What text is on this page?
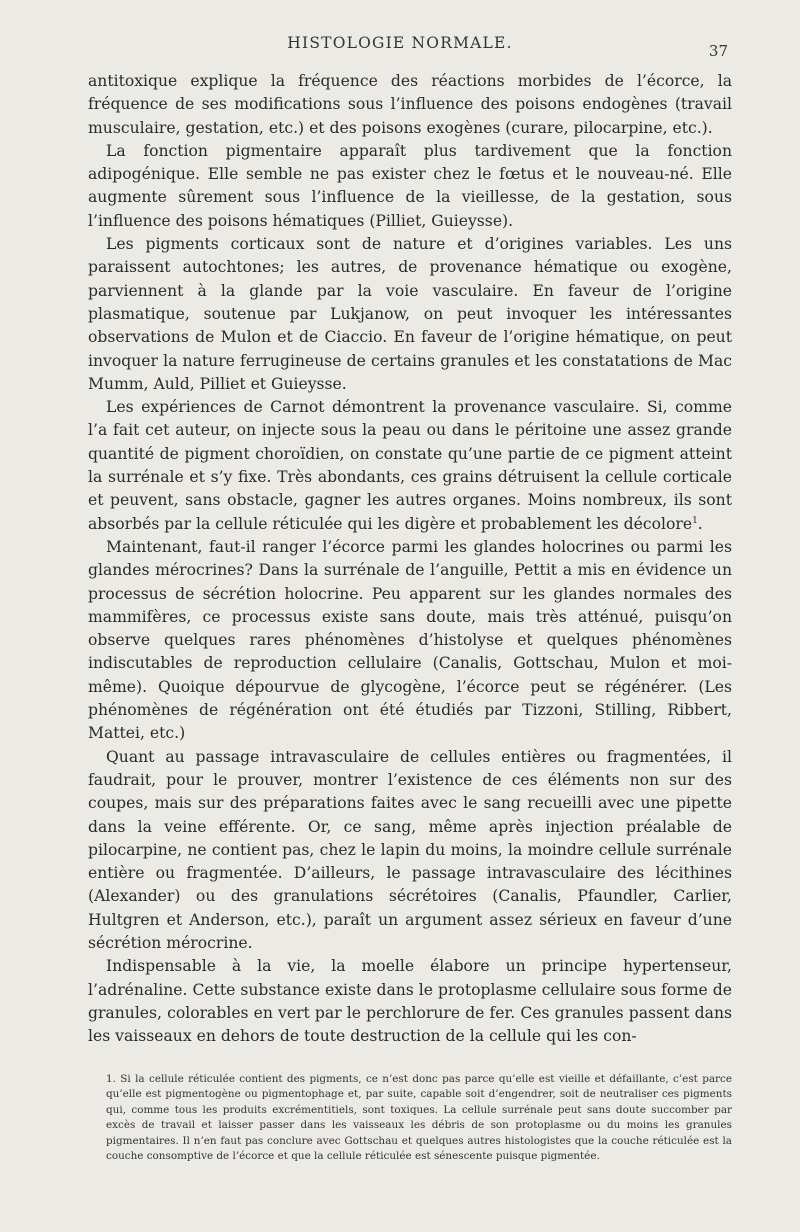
HISTOLOGIE NORMALE.	37

antitoxique explique la fréquence des réactions morbides de l’écorce, la fréquence de ses modifications sous l’influence des poisons endogènes (travail musculaire, gestation, etc.) et des poisons exogènes (curare, pilocarpine, etc.).

La fonction pigmentaire apparaît plus tardivement que la fonction adipogénique. Elle semble ne pas exister chez le fœtus et le nouveau-né. Elle augmente sûrement sous l’influence de la vieillesse, de la gestation, sous l’influence des poisons hématiques (Pilliet, Guieysse).

Les pigments corticaux sont de nature et d’origines variables. Les uns paraissent autochtones; les autres, de provenance hématique ou exogène, parviennent à la glande par la voie vasculaire. En faveur de l’origine plasmatique, soutenue par Lukjanow, on peut invoquer les intéressantes observations de Mulon et de Ciaccio. En faveur de l’origine hématique, on peut invoquer la nature ferrugineuse de certains granules et les constatations de Mac Mumm, Auld, Pilliet et Guieysse.

Les expériences de Carnot démontrent la provenance vasculaire. Si, comme l’a fait cet auteur, on injecte sous la peau ou dans le péritoine une assez grande quantité de pigment choroïdien, on constate qu’une partie de ce pigment atteint la surrénale et s’y fixe. Très abondants, ces grains détruisent la cellule corticale et peuvent, sans obstacle, gagner les autres organes. Moins nombreux, ils sont absorbés par la cellule réticulée qui les digère et probablement les décolore$^1$.

Maintenant, faut-il ranger l’écorce parmi les glandes holocrines ou parmi les glandes mérocrines? Dans la surrénale de l’anguille, Pettit a mis en évidence un processus de sécrétion holocrine. Peu apparent sur les glandes normales des mammifères, ce processus existe sans doute, mais très atténué, puisqu’on observe quelques rares phénomènes d’histolyse et quelques phénomènes indiscutables de reproduction cellulaire (Canalis, Gottschau, Mulon et moi-même). Quoique dépourvue de glycogène, l’écorce peut se régénérer. (Les phénomènes de régénération ont été étudiés par Tizzoni, Stilling, Ribbert, Mattei, etc.)

Quant au passage intravasculaire de cellules entières ou fragmentées, il faudrait, pour le prouver, montrer l’existence de ces éléments non sur des coupes, mais sur des préparations faites avec le sang recueilli avec une pipette dans la veine efférente. Or, ce sang, même après injection préalable de pilocarpine, ne contient pas, chez le lapin du moins, la moindre cellule surrénale entière ou fragmentée. D’ailleurs, le passage intravasculaire des lécithines (Alexander) ou des granulations sécrétoires (Canalis, Pfaundler, Carlier, Hultgren et Anderson, etc.), paraît un argument assez sérieux en faveur d’une sécrétion mérocrine.

Indispensable à la vie, la moelle élabore un principe hypertenseur, l’adrénaline. Cette substance existe dans le protoplasme cellulaire sous forme de granules, colorables en vert par le perchlorure de fer. Ces granules passent dans les vaisseaux en dehors de toute destruction de la cellule qui les con-

1. Si la cellule réticulée contient des pigments, ce n’est donc pas parce qu’elle est vieille et défaillante, c’est parce qu’elle est pigmentogène ou pigmentophage et, par suite, capable soit d’engendrer, soit de neutraliser ces pigments qui, comme tous les produits excrémentitiels, sont toxiques. La cellule surrénale peut sans doute succomber par excès de travail et laisser passer dans les vaisseaux les débris de son protoplasme ou du moins les granules pigmentaires. Il n’en faut pas conclure avec Gottschau et quelques autres histologistes que la couche réticulée est la couche consomptive de l’écorce et que la cellule réticulée est sénescente puisque pigmentée.
